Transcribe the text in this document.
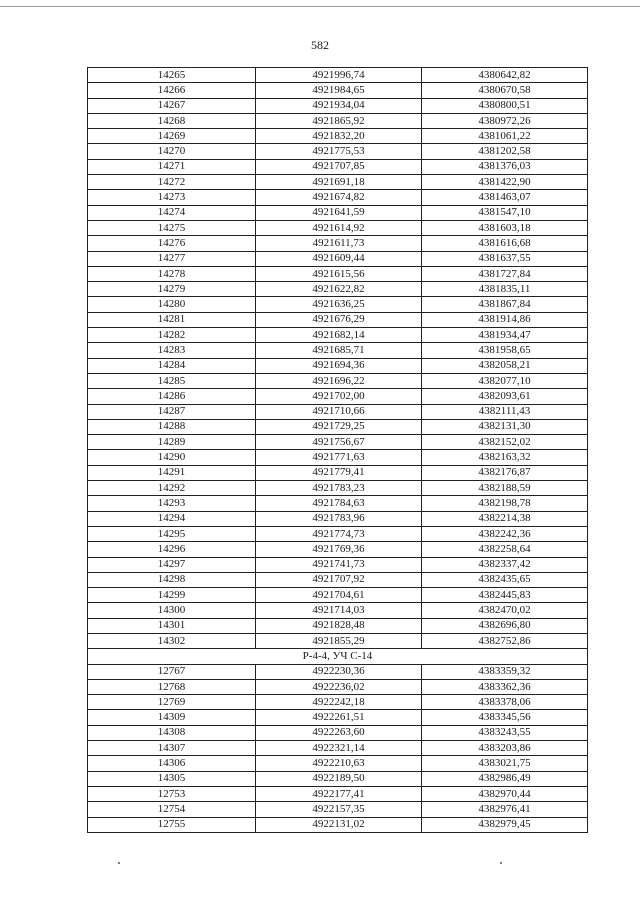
582
14265	4921996,74	4380642,82
14266	4921984,65	4380670,58
14267	4921934,04	4380800,51
14268	4921865,92	4380972,26
14269	4921832,20	4381061,22
14270	4921775,53	4381202,58
14271	4921707,85	4381376,03
14272	4921691,18	4381422,90
14273	4921674,82	4381463,07
14274	4921641,59	4381547,10
14275	4921614,92	4381603,18
14276	4921611,73	4381616,68
14277	4921609,44	4381637,55
14278	4921615,56	4381727,84
14279	4921622,82	4381835,11
14280	4921636,25	4381867,84
14281	4921676,29	4381914,86
14282	4921682,14	4381934,47
14283	4921685,71	4381958,65
14284	4921694,36	4382058,21
14285	4921696,22	4382077,10
14286	4921702,00	4382093,61
14287	4921710,66	4382111,43
14288	4921729,25	4382131,30
14289	4921756,67	4382152,02
14290	4921771,63	4382163,32
14291	4921779,41	4382176,87
14292	4921783,23	4382188,59
14293	4921784,63	4382198,78
14294	4921783,96	4382214,38
14295	4921774,73	4382242,36
14296	4921769,36	4382258,64
14297	4921741,73	4382337,42
14298	4921707,92	4382435,65
14299	4921704,61	4382445,83
14300	4921714,03	4382470,02
14301	4921828,48	4382696,80
14302	4921855,29	4382752,86
Р-4-4, УЧ С-14		
12767	4922230,36	4383359,32
12768	4922236,02	4383362,36
12769	4922242,18	4383378,06
14309	4922261,51	4383345,56
14308	4922263,60	4383243,55
14307	4922321,14	4383203,86
14306	4922210,63	4383021,75
14305	4922189,50	4382986,49
12753	4922177,41	4382970,44
12754	4922157,35	4382976,41
12755	4922131,02	4382979,45
